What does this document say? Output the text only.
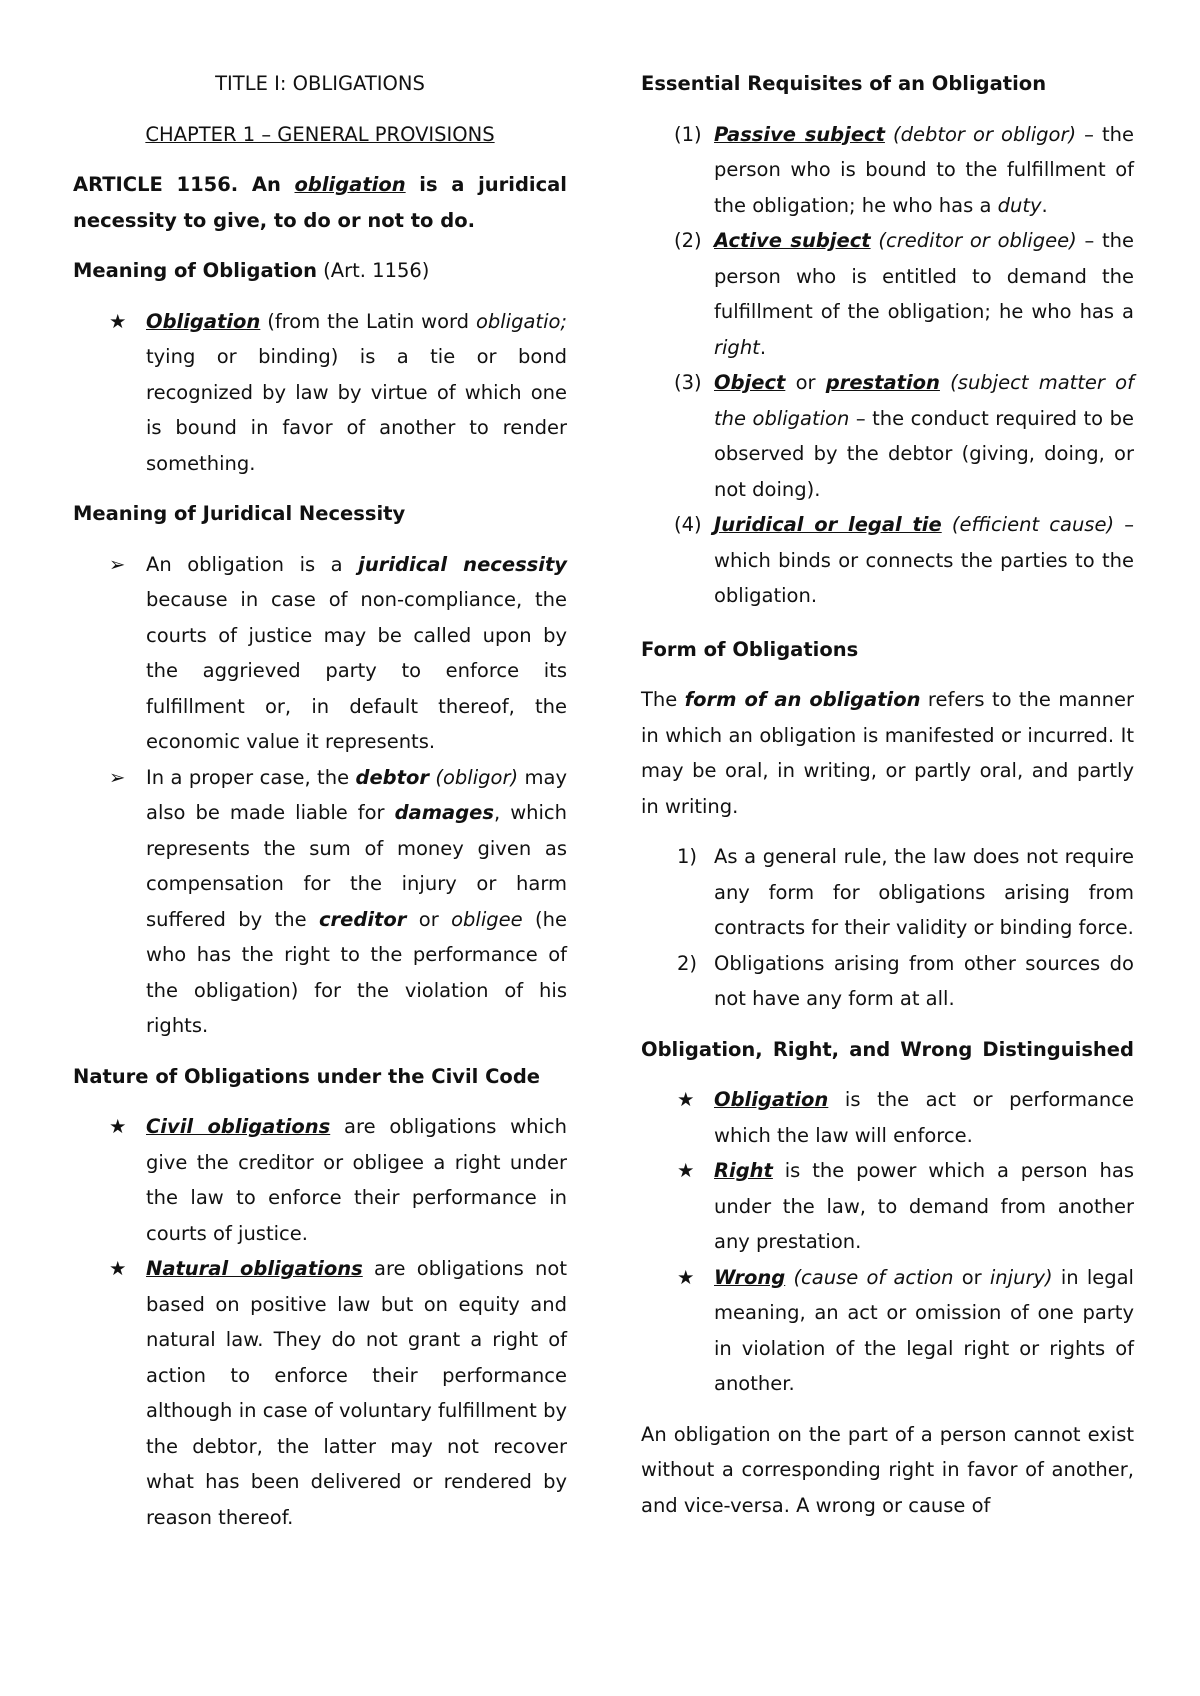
TITLE I: OBLIGATIONS

CHAPTER 1 – GENERAL PROVISIONS

ARTICLE 1156. An obligation is a juridical necessity to give, to do or not to do.

Meaning of Obligation (Art. 1156)

★ Obligation (from the Latin word obligatio; tying or binding) is a tie or bond recognized by law by virtue of which one is bound in favor of another to render something.

Meaning of Juridical Necessity

➢ An obligation is a juridical necessity because in case of non-compliance, the courts of justice may be called upon by the aggrieved party to enforce its fulfillment or, in default thereof, the economic value it represents.
➢ In a proper case, the debtor (obligor) may also be made liable for damages, which represents the sum of money given as compensation for the injury or harm suffered by the creditor or obligee (he who has the right to the performance of the obligation) for the violation of his rights.

Nature of Obligations under the Civil Code

★ Civil obligations are obligations which give the creditor or obligee a right under the law to enforce their performance in courts of justice.
★ Natural obligations are obligations not based on positive law but on equity and natural law. They do not grant a right of action to enforce their performance although in case of voluntary fulfillment by the debtor, the latter may not recover what has been delivered or rendered by reason thereof.

Essential Requisites of an Obligation

(1) Passive subject (debtor or obligor) – the person who is bound to the fulfillment of the obligation; he who has a duty.
(2) Active subject (creditor or obligee) – the person who is entitled to demand the fulfillment of the obligation; he who has a right.
(3) Object or prestation (subject matter of the obligation – the conduct required to be observed by the debtor (giving, doing, or not doing).
(4) Juridical or legal tie (efficient cause) – which binds or connects the parties to the obligation.

Form of Obligations

The form of an obligation refers to the manner in which an obligation is manifested or incurred. It may be oral, in writing, or partly oral, and partly in writing.

1) As a general rule, the law does not require any form for obligations arising from contracts for their validity or binding force.
2) Obligations arising from other sources do not have any form at all.

Obligation, Right, and Wrong Distinguished

★ Obligation is the act or performance which the law will enforce.
★ Right is the power which a person has under the law, to demand from another any prestation.
★ Wrong (cause of action or injury) in legal meaning, an act or omission of one party in violation of the legal right or rights of another.

An obligation on the part of a person cannot exist without a corresponding right in favor of another, and vice-versa. A wrong or cause of
